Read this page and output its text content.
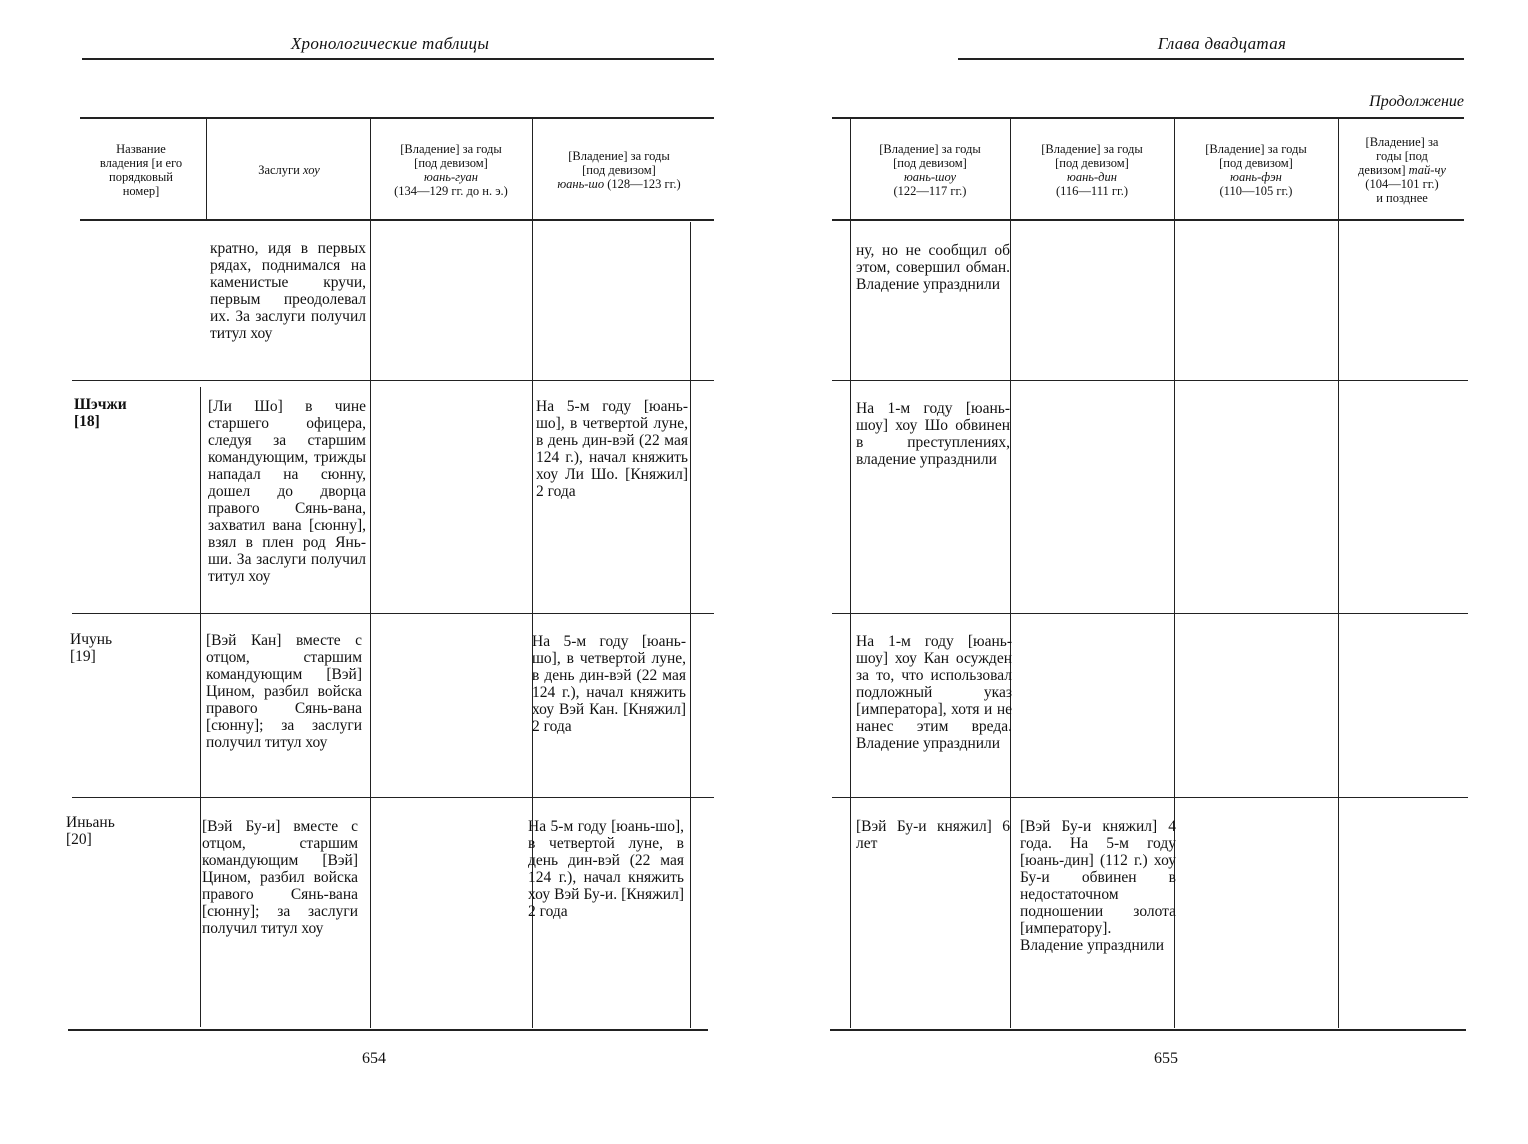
Хронологические таблицы
Название
владения [и его
порядковый
номер]
Заслуги хоу
[Владение] за годы
[под девизом]
юань-гуан
(134—129 гг. до н. э.)
[Владение] за годы
[под девизом]
юань-шо (128—123 гг.)
кратно, идя в первых рядах, поднимался на каменистые кручи, первым преодолевал их. За заслуги получил титул хоу
Шэчжи
[18]
[Ли Шо] в чине старшего офицера, следуя за старшим командующим, трижды нападал на сюнну, дошел до дворца правого Сянь-вана, захватил вана [сюнну], взял в плен род Янь-ши. За заслуги получил титул хоу
На 5-м году [юань-шо], в четвертой луне, в день дин-вэй (22 мая 124 г.), начал княжить хоу Ли Шо. [Княжил] 2 года
Ичунь
[19]
[Вэй Кан] вместе с отцом, старшим командующим [Вэй] Цином, разбил войска правого Сянь-вана [сюнну]; за заслуги получил титул хоу
На 5-м году [юань-шо], в четвертой луне, в день дин-вэй (22 мая 124 г.), начал княжить хоу Вэй Кан. [Княжил] 2 года
Иньань
[20]
[Вэй Бу-и] вместе с отцом, старшим командующим [Вэй] Цином, разбил войска правого Сянь-вана [сюнну]; за заслуги получил титул хоу
На 5-м году [юань-шо], в четвертой луне, в день дин-вэй (22 мая 124 г.), начал княжить хоу Вэй Бу-и. [Княжил] 2 года
654
Глава двадцатая
Продолжение
[Владение] за годы
[под девизом]
юань-шоу
(122—117 гг.)
[Владение] за годы
[под девизом]
юань-дин
(116—111 гг.)
[Владение] за годы
[под девизом]
юань-фэн
(110—105 гг.)
[Владение] за
годы [под
девизом] тай-чу
(104—101 гг.)
и позднее
ну, но не сообщил об этом, совершил обман. Владение упразднили
На 1-м году [юань-шоу] хоу Шо обвинен в преступлениях, владение упразднили
На 1-м году [юань-шоу] хоу Кан осужден за то, что использовал подложный указ [императора], хотя и не нанес этим вреда. Владение упразднили
[Вэй Бу-и княжил] 6 лет
[Вэй Бу-и княжил] 4 года. На 5-м году [юань-дин] (112 г.) хоу Бу-и обвинен в недостаточном подношении золота [императору]. Владение упразднили
655
